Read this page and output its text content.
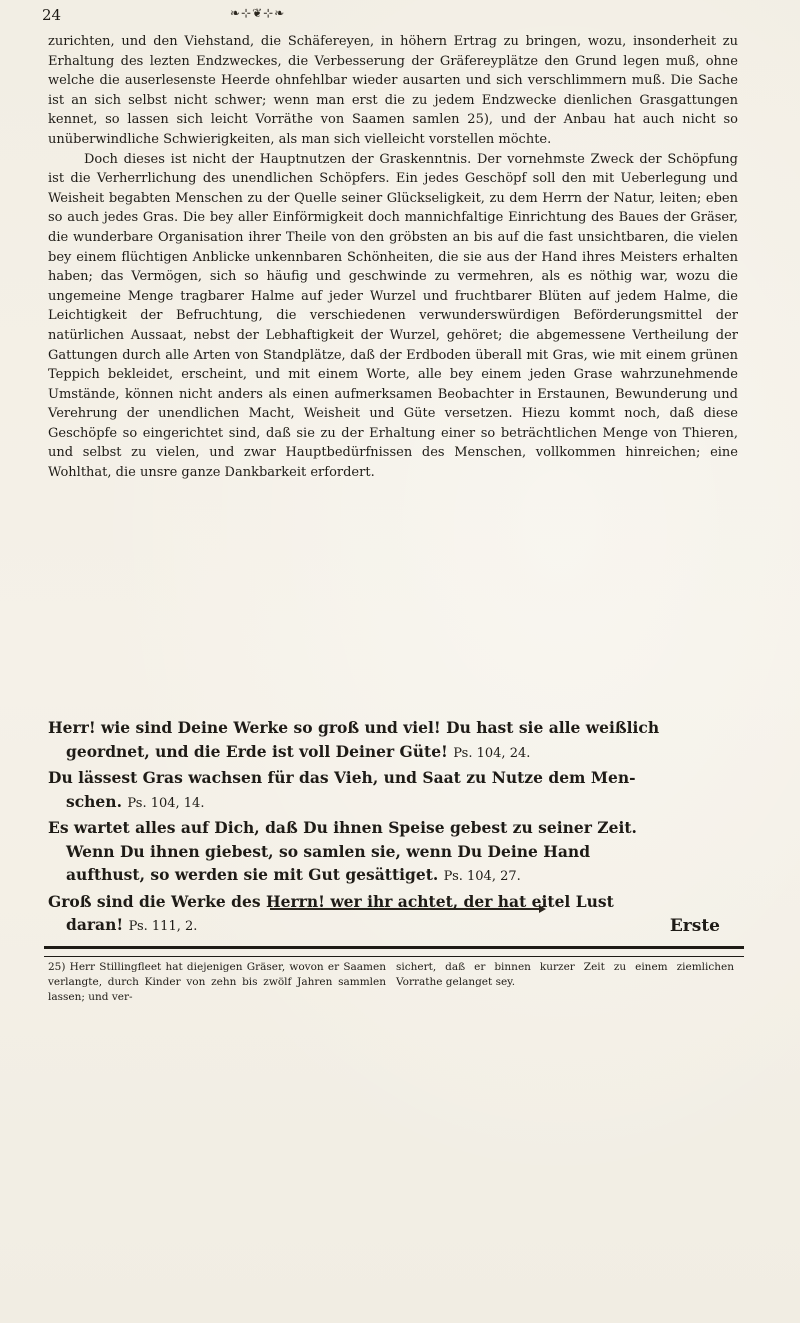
24	❧⊹❦⊹❧

zurichten, und den Viehstand, die Schäfereyen, in höhern Ertrag zu bringen, wozu, insonderheit zu Erhaltung des lezten Endzweckes, die Verbesserung der Gräfereyplätze den Grund legen muß, ohne welche die auserlesenste Heerde ohnfehlbar wieder ausarten und sich verschlimmern muß. Die Sache ist an sich selbst nicht schwer; wenn man erst die zu jedem Endzwecke dienlichen Grasgattungen kennet, so lassen sich leicht Vorräthe von Saamen samlen 25), und der Anbau hat auch nicht so unüberwindliche Schwierigkeiten, als man sich vielleicht vorstellen möchte.

Doch dieses ist nicht der Hauptnutzen der Graskenntnis. Der vornehmste Zweck der Schöpfung ist die Verherrlichung des unendlichen Schöpfers. Ein jedes Geschöpf soll den mit Ueberlegung und Weisheit begabten Menschen zu der Quelle seiner Glückseligkeit, zu dem Herrn der Natur, leiten; eben so auch jedes Gras. Die bey aller Einförmigkeit doch mannichfaltige Einrichtung des Baues der Gräser, die wunderbare Organisation ihrer Theile von den gröbsten an bis auf die fast unsichtbaren, die vielen bey einem flüchtigen Anblicke unkennbaren Schönheiten, die sie aus der Hand ihres Meisters erhalten haben; das Vermögen, sich so häufig und geschwinde zu vermehren, als es nöthig war, wozu die ungemeine Menge tragbarer Halme auf jeder Wurzel und fruchtbarer Blüten auf jedem Halme, die Leichtigkeit der Befruchtung, die verschiedenen verwunderswürdigen Beförderungsmittel der natürlichen Aussaat, nebst der Lebhaftigkeit der Wurzel, gehöret; die abgemessene Vertheilung der Gattungen durch alle Arten von Standplätze, daß der Erdboden überall mit Gras, wie mit einem grünen Teppich bekleidet, erscheint, und mit einem Worte, alle bey einem jeden Grase wahrzunehmende Umstände, können nicht anders als einen aufmerksamen Beobachter in Erstaunen, Bewunderung und Verehrung der unendlichen Macht, Weisheit und Güte versetzen. Hiezu kommt noch, daß diese Geschöpfe so eingerichtet sind, daß sie zu der Erhaltung einer so beträchtlichen Menge von Thieren, und selbst zu vielen, und zwar Hauptbedürfnissen des Menschen, vollkommen hinreichen; eine Wohlthat, die unsre ganze Dankbarkeit erfordert.

Herr! wie sind Deine Werke so groß und viel! Du hast sie alle weißlich
geordnet, und die Erde ist voll Deiner Güte! Ps. 104, 24.
Du lässest Gras wachsen für das Vieh, und Saat zu Nutze dem Men-
schen. Ps. 104, 14.
Es wartet alles auf Dich, daß Du ihnen Speise gebest zu seiner Zeit.
Wenn Du ihnen giebest, so samlen sie, wenn Du Deine Hand
aufthust, so werden sie mit Gut gesättiget. Ps. 104, 27.
Groß sind die Werke des Herrn! wer ihr achtet, der hat eitel Lust
daran! Ps. 111, 2.	Erste
25) Herr Stillingfleet hat diejenigen Gräser, wovon er Saamen verlangte, durch Kinder von zehn bis zwölf Jahren sammlen lassen; und ver-sichert, daß er binnen kurzer Zeit zu einem ziemlichen Vorrathe gelanget sey.
